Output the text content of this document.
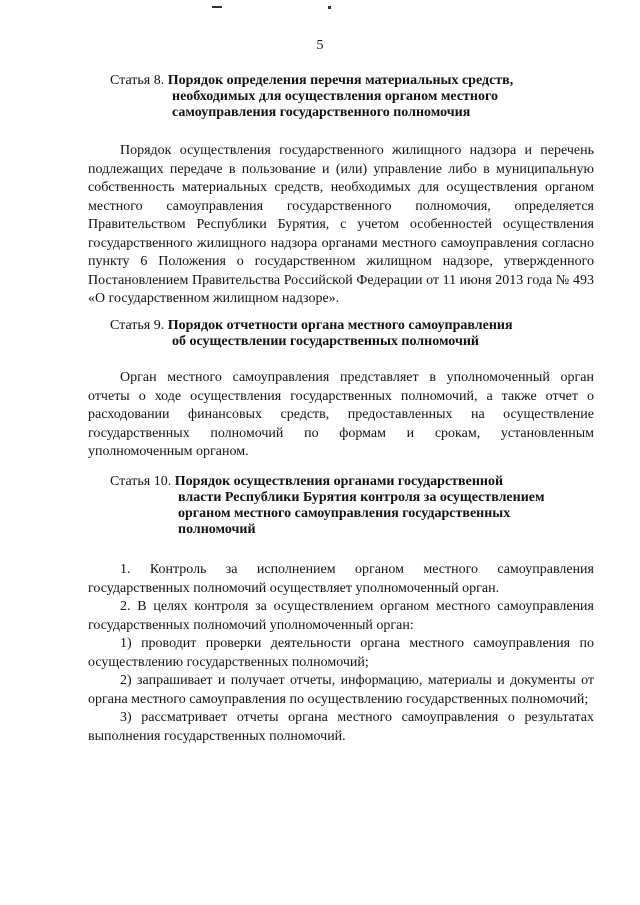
5
Статья 8. Порядок определения перечня материальных средств,
необходимых для осуществления органом местного
самоуправления государственного полномочия

Порядок осуществления государственного жилищного надзора и перечень подлежащих передаче в пользование и (или) управление либо в муниципальную собственность материальных средств, необходимых для осуществления органом местного самоуправления государственного полномочия, определяется Правительством Республики Бурятия, с учетом особенностей осуществления государственного жилищного надзора органами местного самоуправления согласно пункту 6 Положения о государственном жилищном надзоре, утвержденного Постановлением Правительства Российской Федерации от 11 июня 2013 года № 493 «О государственном жилищном надзоре».

Статья 9. Порядок отчетности органа местного самоуправления
об осуществлении государственных полномочий

Орган местного самоуправления представляет в уполномоченный орган отчеты о ходе осуществления государственных полномочий, а также отчет о расходовании финансовых средств, предоставленных на осуществление государственных полномочий по формам и срокам, установленным уполномоченным органом.

Статья 10. Порядок осуществления органами государственной
власти Республики Бурятия контроля за осуществлением
органом местного самоуправления государственных
полномочий

1. Контроль за исполнением органом местного самоуправления государственных полномочий осуществляет уполномоченный орган.

2. В целях контроля за осуществлением органом местного самоуправления государственных полномочий уполномоченный орган:

1) проводит проверки деятельности органа местного самоуправления по осуществлению государственных полномочий;

2) запрашивает и получает отчеты, информацию, материалы и документы от органа местного самоуправления по осуществлению государственных полномочий;

3) рассматривает отчеты органа местного самоуправления о результатах выполнения государственных полномочий.
